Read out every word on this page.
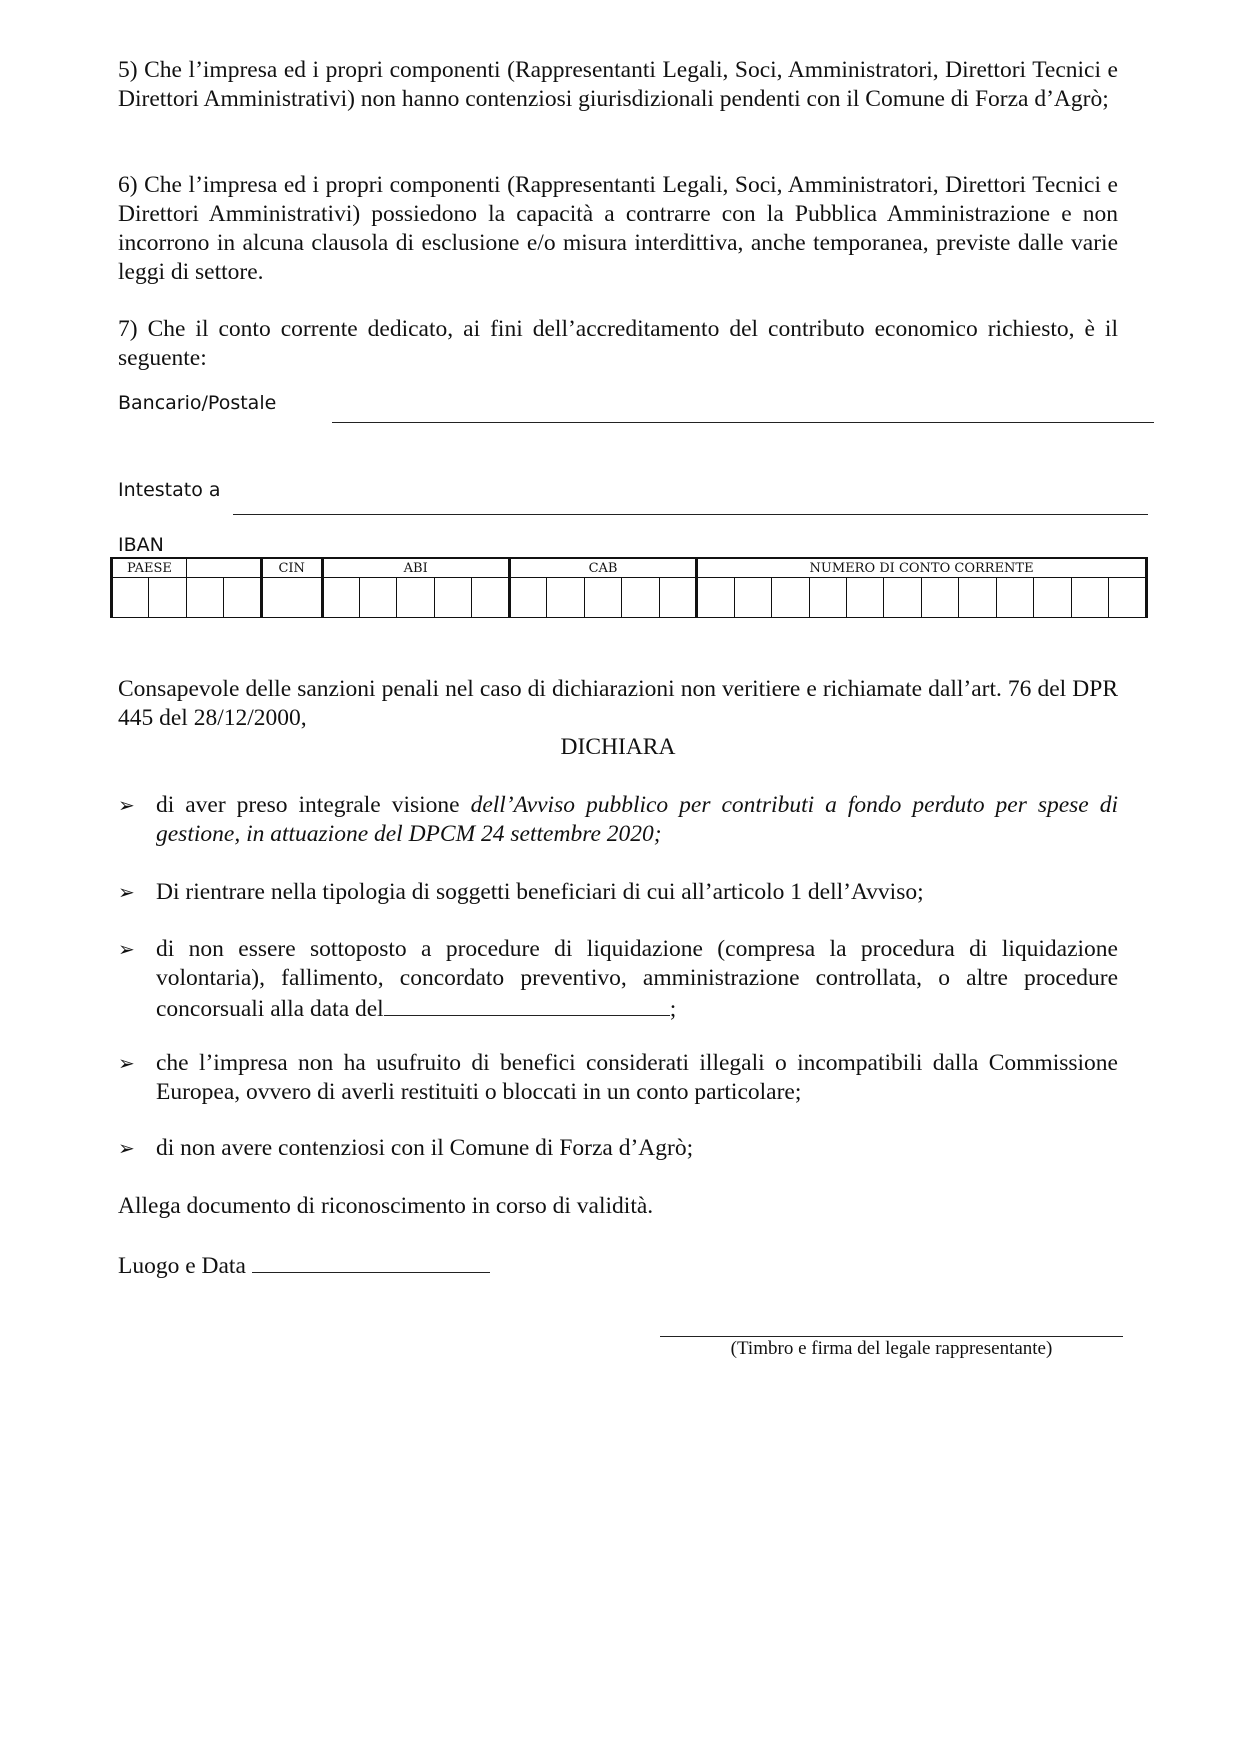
5) Che l’impresa ed i propri componenti (Rappresentanti Legali, Soci, Amministratori, Direttori Tecnici e Direttori Amministrativi) non hanno contenziosi giurisdizionali pendenti con il Comune di Forza d’Agrò;

6) Che l’impresa ed i propri componenti (Rappresentanti Legali, Soci, Amministratori, Direttori Tecnici e Direttori Amministrativi) possiedono la capacità a contrarre con la Pubblica Amministrazione e non incorrono in alcuna clausola di esclusione e/o misura interdittiva, anche temporanea, previste dalle varie leggi di settore.

7) Che il conto corrente dedicato, ai fini dell’accreditamento del contributo economico richiesto, è il seguente:

Bancario/Postale
Intestato a
IBAN
PAESE				CIN	ABI					CAB					NUMERO DI CONTO CORRENTE											

Consapevole delle sanzioni penali nel caso di dichiarazioni non veritiere e richiamate dall’art. 76 del DPR 445 del 28/12/2000,

DICHIARA
➢ di aver preso integrale visione dell’Avviso pubblico per contributi a fondo perduto per spese di gestione, in attuazione del DPCM 24 settembre 2020;
➢ Di rientrare nella tipologia di soggetti beneficiari di cui all’articolo 1 dell’Avviso;
➢ di non essere sottoposto a procedure di liquidazione (compresa la procedura di liquidazione volontaria), fallimento, concordato preventivo, amministrazione controllata, o altre procedure concorsuali alla data del	;
➢ che l’impresa non ha usufruito di benefici considerati illegali o incompatibili dalla Commissione Europea, ovvero di averli restituiti o bloccati in un conto particolare;
➢ di non avere contenziosi con il Comune di Forza d’Agrò;

Allega documento di riconoscimento in corso di validità.

Luogo e Data

(Timbro e firma del legale rappresentante)
